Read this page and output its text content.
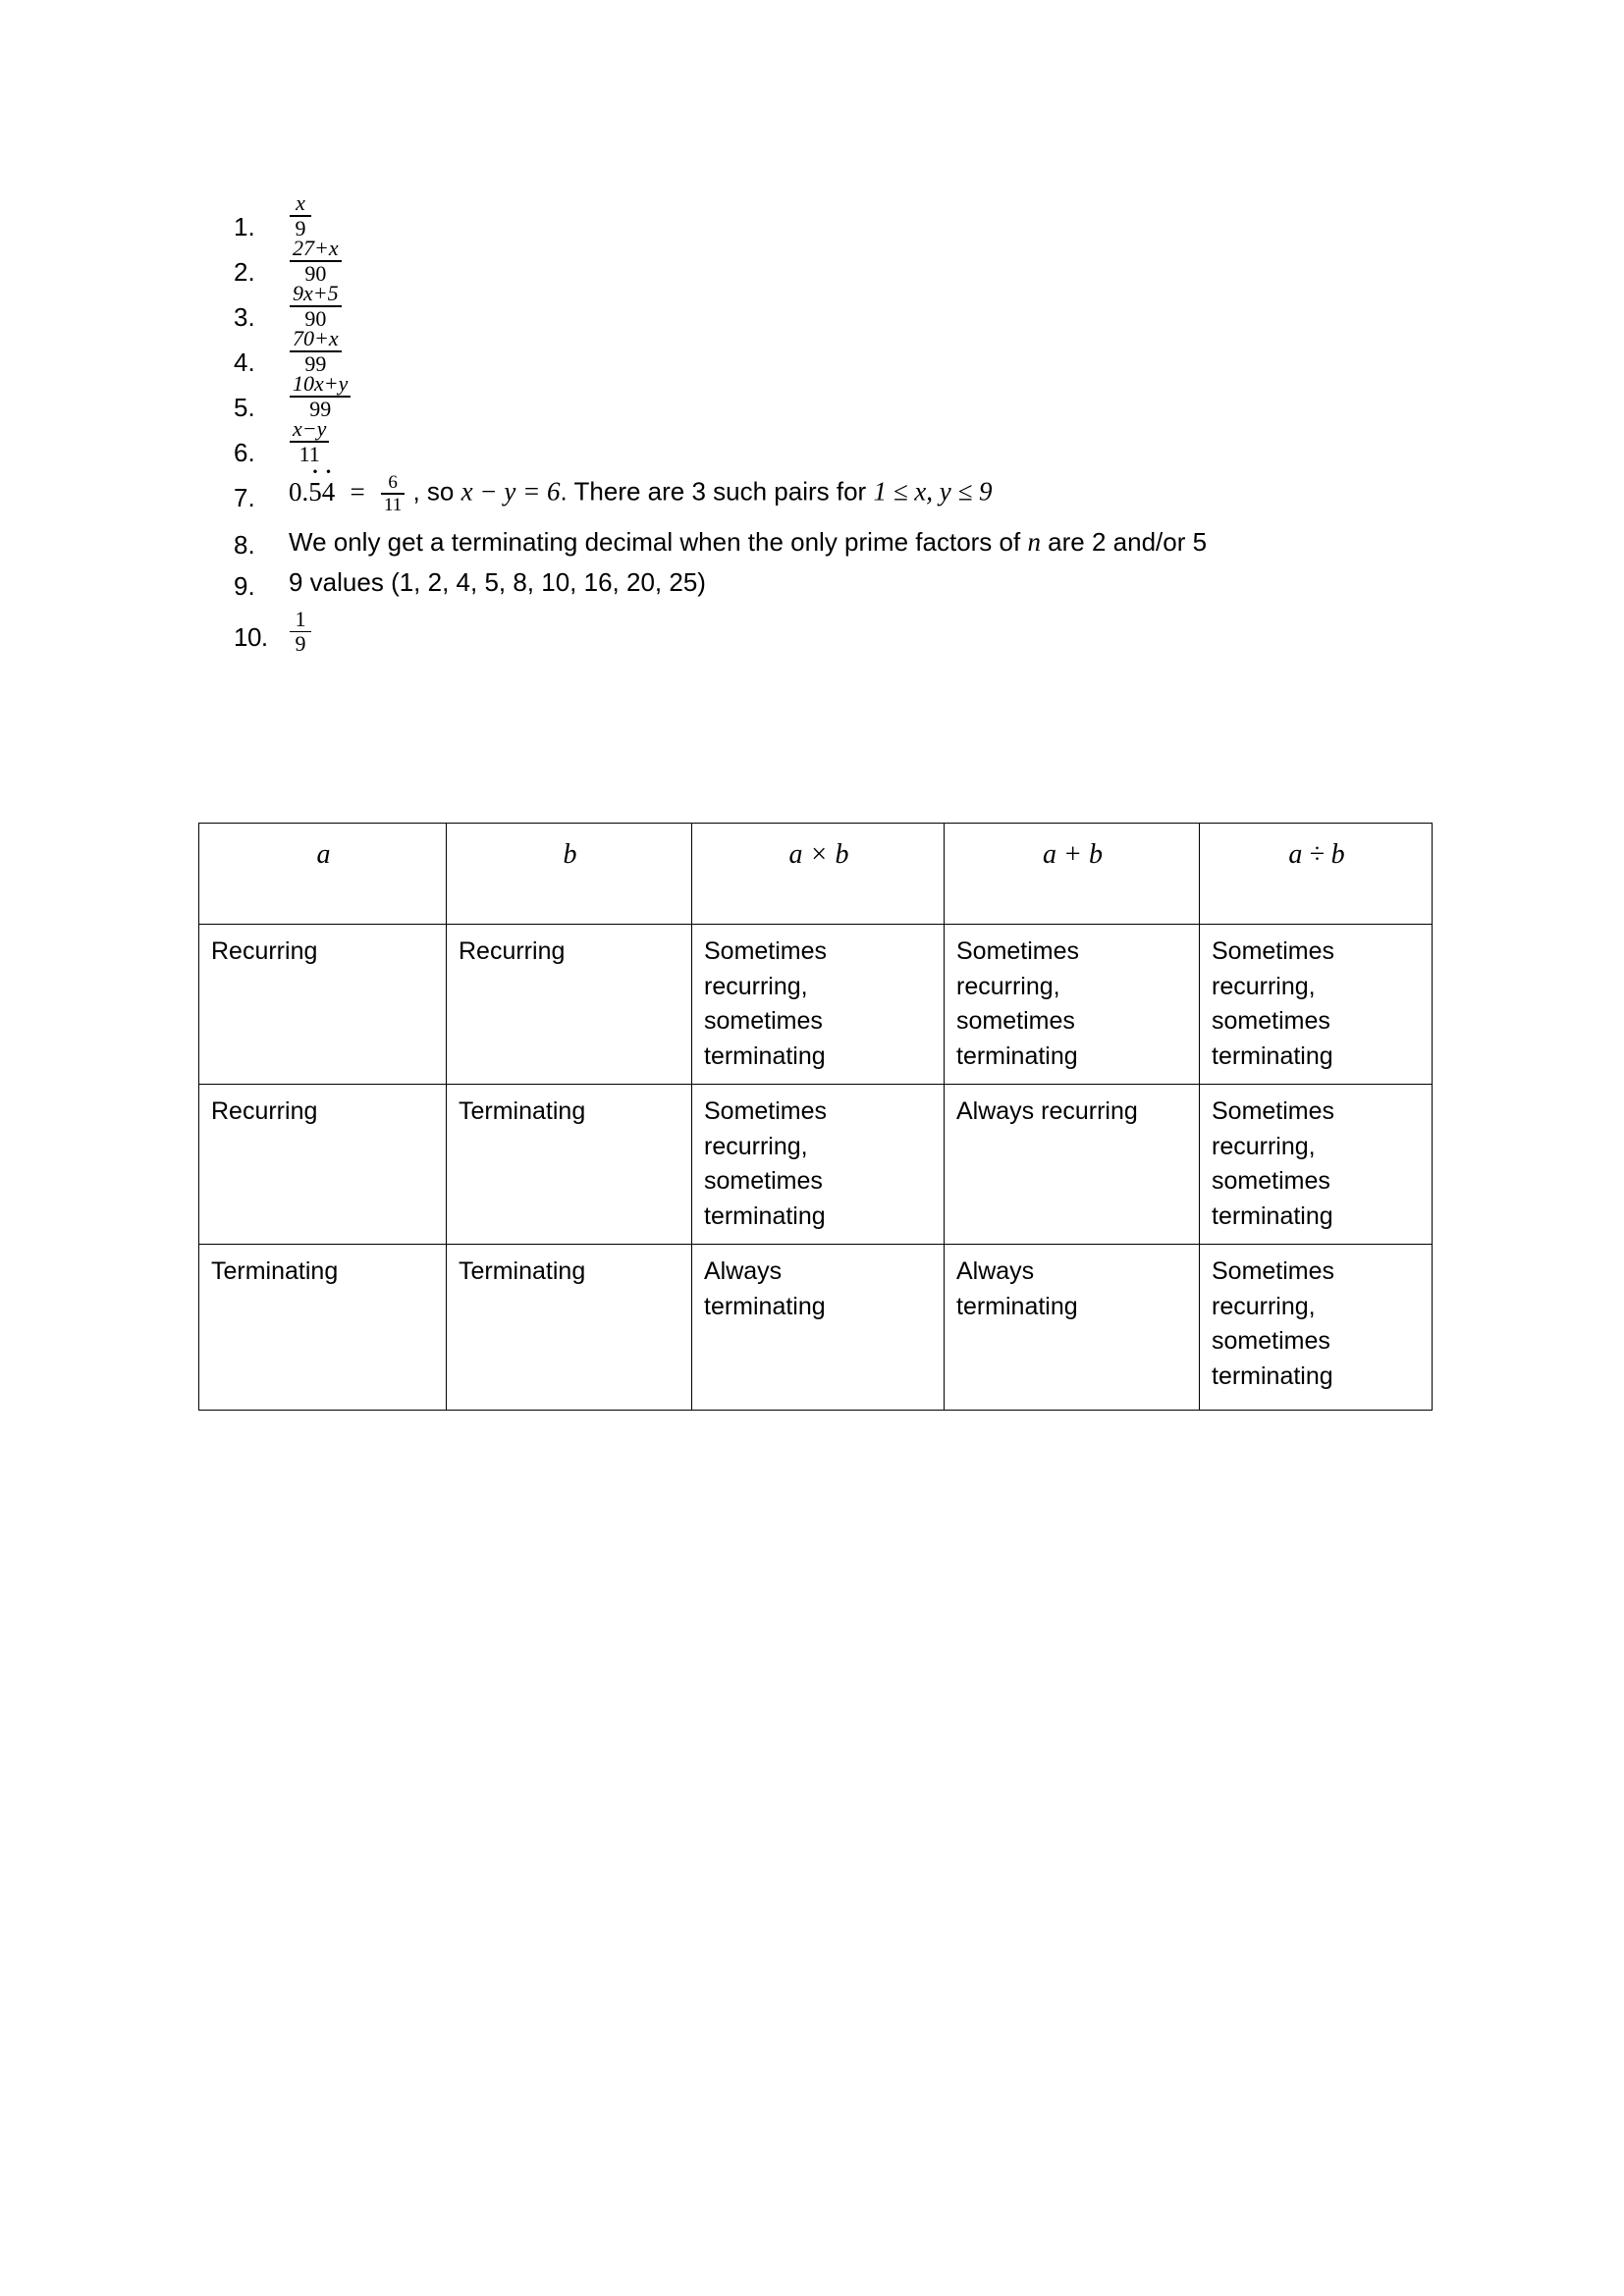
1.	$\frac{x}{9}$
2.	$\frac{27+x}{90}$
3.	$\frac{9x+5}{90}$
4.	$\frac{70+x}{99}$
5.	$\frac{10x+y}{99}$
6.	$\frac{x-y}{11}$
7.	0.5 ·4 · = $\frac{6}{11}$ , so x − y = 6. There are 3 such pairs for 1 ≤ x, y ≤ 9
8.	We only get a terminating decimal when the only prime factors of n are 2 and/or 5
9.	9 values (1, 2, 4, 5, 8, 10, 16, 20, 25)
10.	$\frac{1}{9}$
a	b	a × b	a + b	a ÷ b

Recurring	Recurring	Sometimes recurring, sometimes terminating	Sometimes recurring, sometimes terminating	Sometimes recurring, sometimes terminating

Recurring	Terminating	Sometimes recurring, sometimes terminating	Always recurring	Sometimes recurring, sometimes terminating

Terminating	Terminating	Always terminating	Always terminating	Sometimes recurring, sometimes terminating
